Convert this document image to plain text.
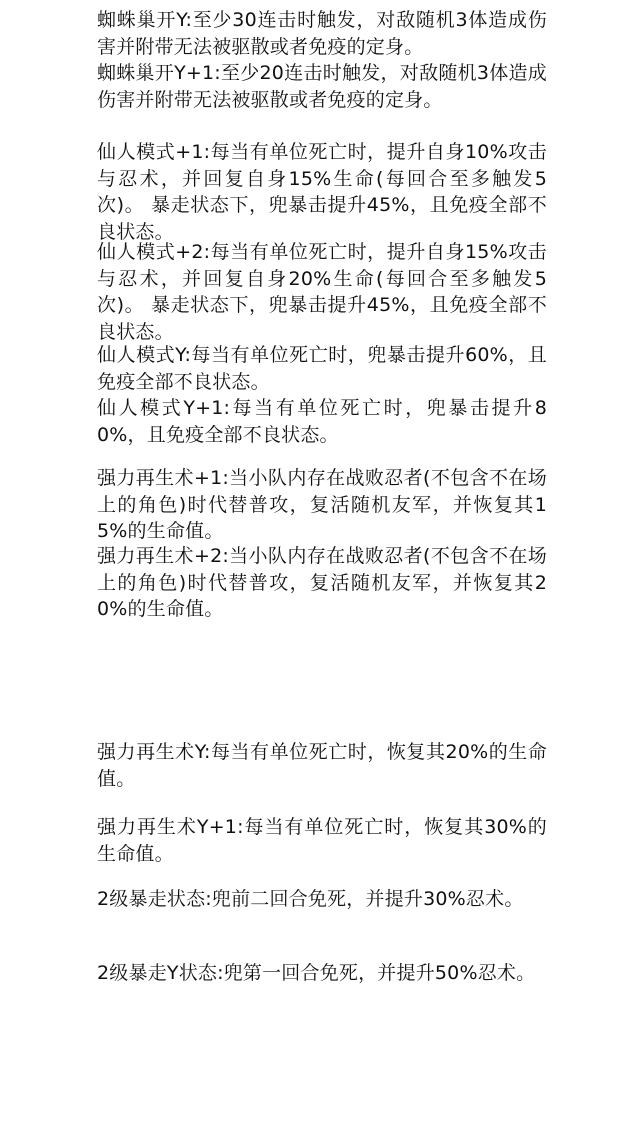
蜘蛛巢开Y:至少30连击时触发，对敌随机3体造成伤害并附带无法被驱散或者免疫的定身。

蜘蛛巢开Y+1:至少20连击时触发，对敌随机3体造成伤害并附带无法被驱散或者免疫的定身。

仙人模式+1:每当有单位死亡时，提升自身10%攻击与忍术，并回复自身15%生命(每回合至多触发5次)。 暴走状态下，兜暴击提升45%，且免疫全部不良状态。

仙人模式+2:每当有单位死亡时，提升自身15%攻击与忍术，并回复自身20%生命(每回合至多触发5次)。 暴走状态下，兜暴击提升45%，且免疫全部不良状态。

仙人模式Y:每当有单位死亡时，兜暴击提升60%，且免疫全部不良状态。

仙人模式Y+1:每当有单位死亡时，兜暴击提升80%，且免疫全部不良状态。

强力再生术+1:当小队内存在战败忍者(不包含不在场上的角色)时代替普攻，复活随机友军，并恢复其15%的生命值。

强力再生术+2:当小队内存在战败忍者(不包含不在场上的角色)时代替普攻，复活随机友军，并恢复其20%的生命值。

强力再生术Y:每当有单位死亡时，恢复其20%的生命值。

强力再生术Y+1:每当有单位死亡时，恢复其30%的生命值。

2级暴走状态:兜前二回合免死，并提升30%忍术。

2级暴走Y状态:兜第一回合免死，并提升50%忍术。
